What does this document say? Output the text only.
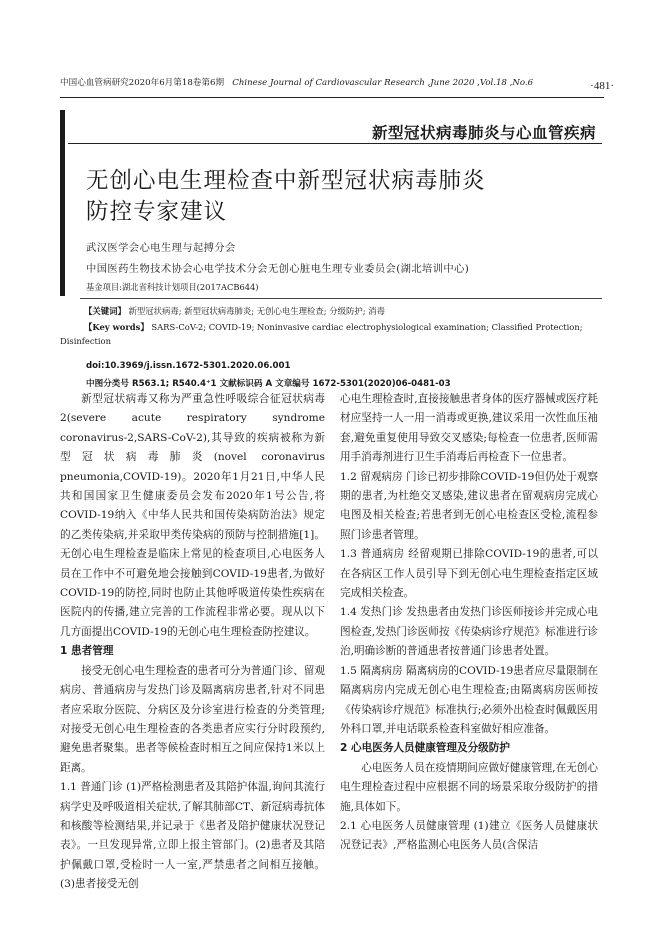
中国心血管病研究2020年6月第18卷第6期 Chinese Journal of Cardiovascular Research ,June 2020 ,Vol.18 ,No.6	·481·
新型冠状病毒肺炎与心血管疾病
无创心电生理检查中新型冠状病毒肺炎
防控专家建议
武汉医学会心电生理与起搏分会
中国医药生物技术协会心电学技术分会无创心脏电生理专业委员会(湖北培训中心)
基金项目:湖北省科技计划项目(2017ACB644)
【关键词】 新型冠状病毒; 新型冠状病毒肺炎; 无创心电生理检查; 分级防护; 消毒
【Key words】 SARS-CoV-2; COVID-19; Noninvasive cardiac electrophysiological examination; Classified Protection; Disinfection
doi:10.3969/j.issn.1672-5301.2020.06.001
中图分类号 R563.1; R540.4⁺1 文献标识码 A 文章编号 1672-5301(2020)06-0481-03

新型冠状病毒又称为严重急性呼吸综合征冠状病毒2(severe acute respiratory syndrome coronavirus-2,SARS-CoV-2),其导致的疾病被称为新型冠状病毒肺炎(novel coronavirus pneumonia,COVID-19)。2020年1月21日,中华人民共和国国家卫生健康委员会发布2020年1号公告,将COVID-19纳入《中华人民共和国传染病防治法》规定的乙类传染病,并采取甲类传染病的预防与控制措施[1]。无创心电生理检查是临床上常见的检查项目,心电医务人员在工作中不可避免地会接触到COVID-19患者,为做好COVID-19的防控,同时也防止其他呼吸道传染性疾病在医院内的传播,建立完善的工作流程非常必要。现从以下几方面提出COVID-19的无创心电生理检查防控建议。

1 患者管理

接受无创心电生理检查的患者可分为普通门诊、留观病房、普通病房与发热门诊及隔离病房患者,针对不同患者应采取分医院、分病区及分诊室进行检查的分类管理;对接受无创心电生理检查的各类患者应实行分时段预约,避免患者聚集。患者等候检查时相互之间应保持1米以上距离。

1.1 普通门诊 (1)严格检测患者及其陪护体温,询问其流行病学史及呼吸道相关症状,了解其肺部CT、新冠病毒抗体和核酸等检测结果,并记录于《患者及陪护健康状况登记表》。一旦发现异常,立即上报主管部门。(2)患者及其陪护佩戴口罩,受检时一人一室,严禁患者之间相互接触。(3)患者接受无创

心电生理检查时,直接接触患者身体的医疗器械或医疗耗材应坚持一人一用一消毒或更换,建议采用一次性血压袖套,避免重复使用导致交叉感染;每检查一位患者,医师需用手消毒剂进行卫生手消毒后再检查下一位患者。

1.2 留观病房 门诊已初步排除COVID-19但仍处于观察期的患者,为杜绝交叉感染,建议患者在留观病房完成心电图及相关检查;若患者到无创心电检查区受检,流程参照门诊患者管理。

1.3 普通病房 经留观期已排除COVID-19的患者,可以在各病区工作人员引导下到无创心电生理检查指定区域完成相关检查。

1.4 发热门诊 发热患者由发热门诊医师接诊并完成心电图检查,发热门诊医师按《传染病诊疗规范》标准进行诊治,明确诊断的普通患者按普通门诊患者处置。

1.5 隔离病房 隔离病房的COVID-19患者应尽量限制在隔离病房内完成无创心电生理检查;由隔离病房医师按《传染病诊疗规范》标准执行;必须外出检查时佩戴医用外科口罩,并电话联系检查科室做好相应准备。

2 心电医务人员健康管理及分级防护

心电医务人员在疫情期间应做好健康管理,在无创心电生理检查过程中应根据不同的场景采取分级防护的措施,具体如下。

2.1 心电医务人员健康管理 (1)建立《医务人员健康状况登记表》,严格监测心电医务人员(含保洁
